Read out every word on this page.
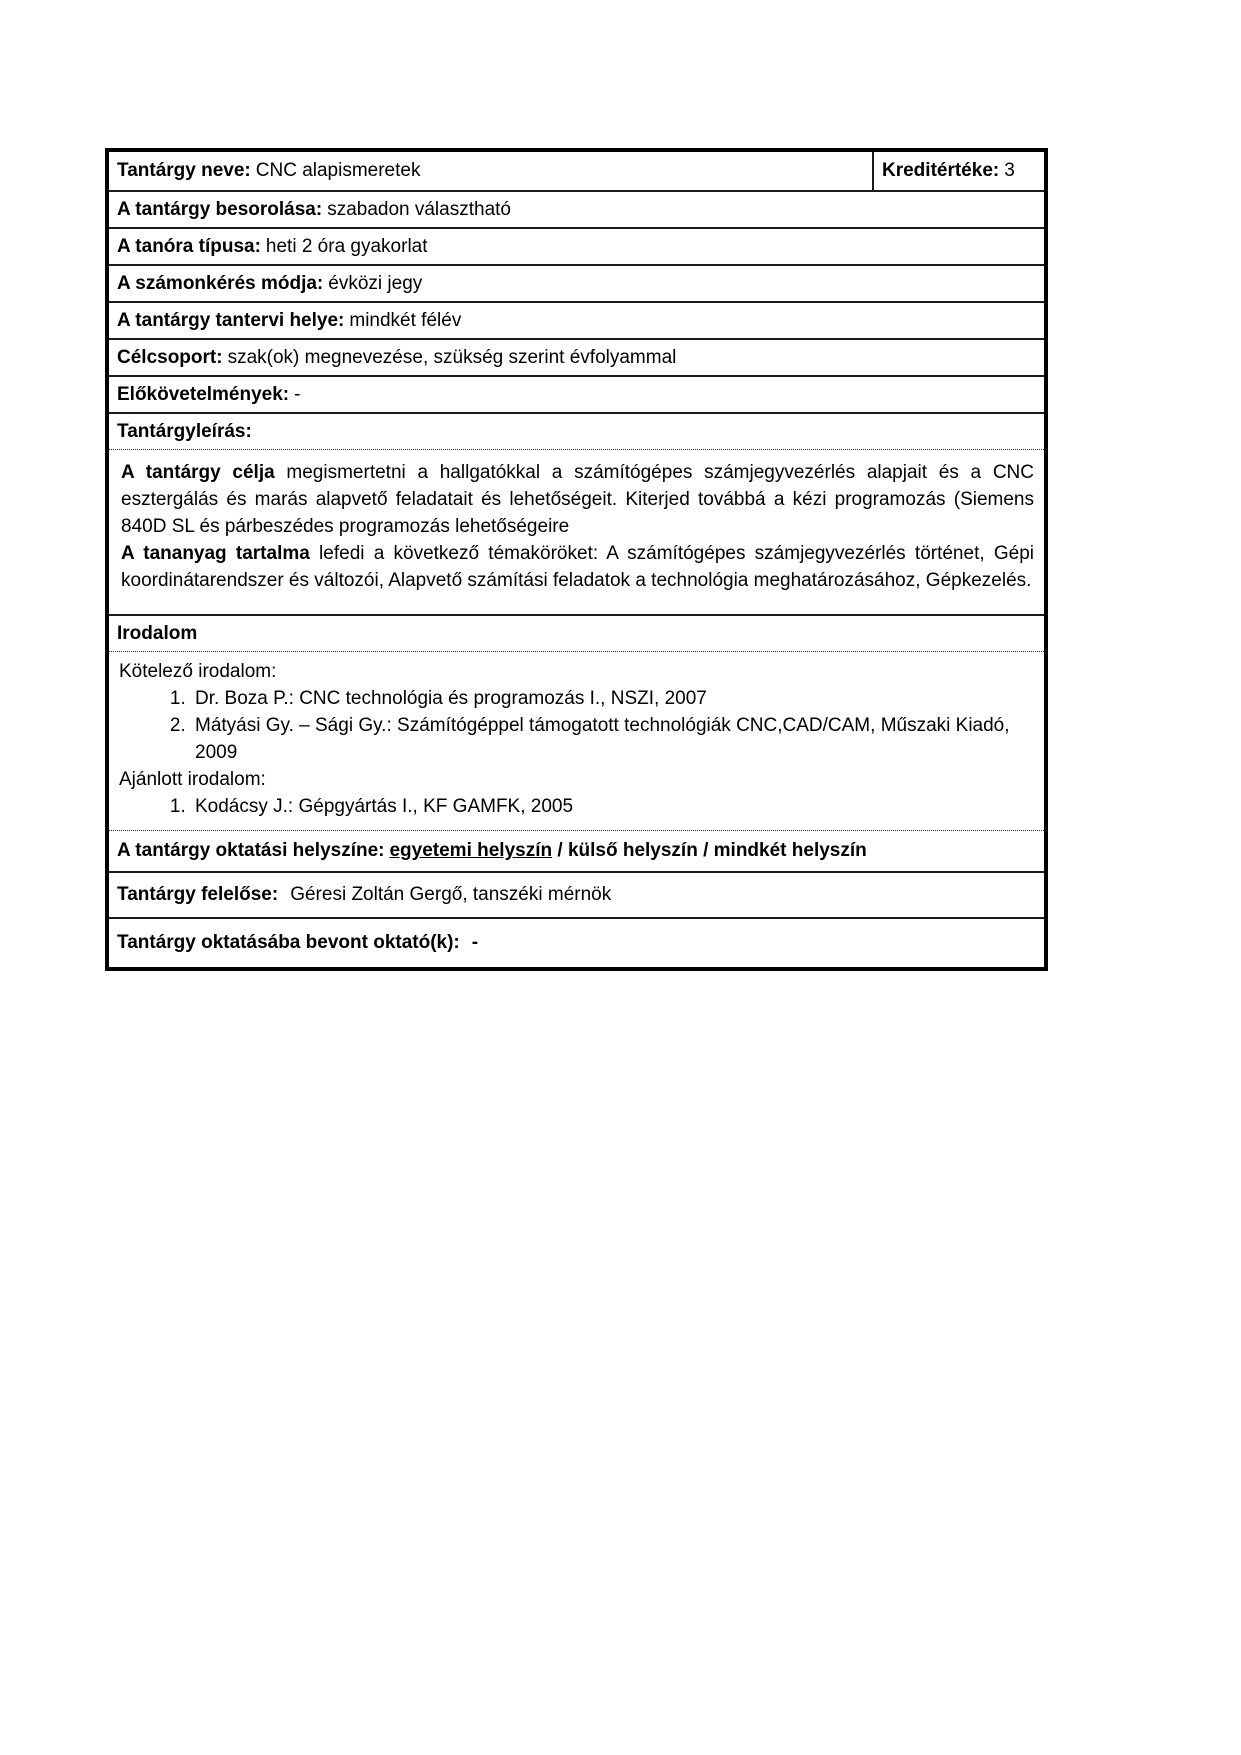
Tantárgy neve: CNC alapismeretek	Kreditértéke: 3
A tantárgy besorolása: szabadon választható
A tanóra típusa: heti 2 óra gyakorlat
A számonkérés módja: évközi jegy
A tantárgy tantervi helye: mindkét félév
Célcsoport: szak(ok) megnevezése, szükség szerint évfolyammal
Előkövetelmények: -
Tantárgyleírás:

A tantárgy célja megismertetni a hallgatókkal a számítógépes számjegyvezérlés alapjait és a CNC esztergálás és marás alapvető feladatait és lehetőségeit. Kiterjed továbbá a kézi programozás (Siemens 840D SL és párbeszédes programozás lehetőségeire

A tananyag tartalma lefedi a következő témaköröket: A számítógépes számjegyvezérlés történet, Gépi koordinátarendszer és változói, Alapvető számítási feladatok a technológia meghatározásához, Gépkezelés.

Irodalom
Kötelező irodalom:
1. Dr. Boza P.: CNC technológia és programozás I., NSZI, 2007
2. Mátyási Gy. – Sági Gy.: Számítógéppel támogatott technológiák CNC,CAD/CAM, Műszaki Kiadó, 2009
Ajánlott irodalom:
1. Kodácsy J.: Gépgyártás I., KF GAMFK, 2005
A tantárgy oktatási helyszíne: egyetemi helyszín / külső helyszín / mindkét helyszín
Tantárgy felelőse: Géresi Zoltán Gergő, tanszéki mérnök
Tantárgy oktatásába bevont oktató(k): -
